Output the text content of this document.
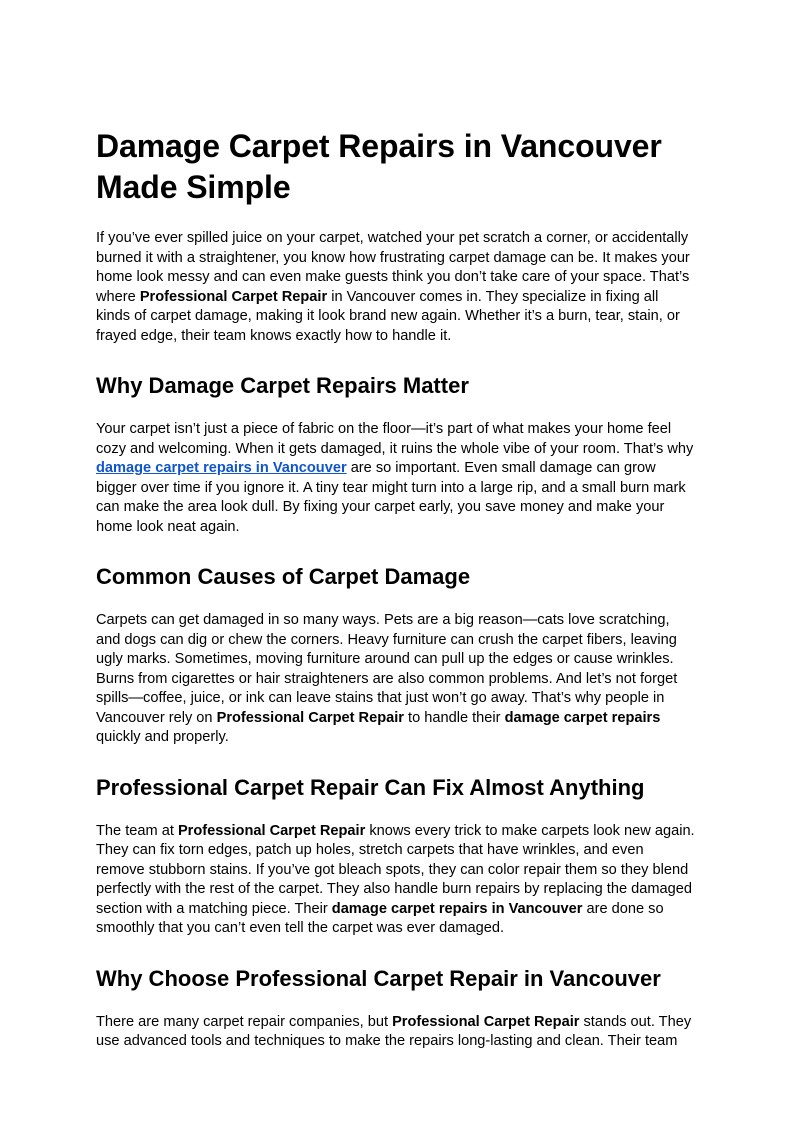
Damage Carpet Repairs in Vancouver
Made Simple

If you’ve ever spilled juice on your carpet, watched your pet scratch a corner, or accidentally
burned it with a straightener, you know how frustrating carpet damage can be. It makes your
home look messy and can even make guests think you don’t take care of your space. That’s
where Professional Carpet Repair in Vancouver comes in. They specialize in fixing all
kinds of carpet damage, making it look brand new again. Whether it’s a burn, tear, stain, or
frayed edge, their team knows exactly how to handle it.

Why Damage Carpet Repairs Matter

Your carpet isn’t just a piece of fabric on the floor—it’s part of what makes your home feel
cozy and welcoming. When it gets damaged, it ruins the whole vibe of your room. That’s why
damage carpet repairs in Vancouver are so important. Even small damage can grow
bigger over time if you ignore it. A tiny tear might turn into a large rip, and a small burn mark
can make the area look dull. By fixing your carpet early, you save money and make your
home look neat again.

Common Causes of Carpet Damage

Carpets can get damaged in so many ways. Pets are a big reason—cats love scratching,
and dogs can dig or chew the corners. Heavy furniture can crush the carpet fibers, leaving
ugly marks. Sometimes, moving furniture around can pull up the edges or cause wrinkles.
Burns from cigarettes or hair straighteners are also common problems. And let’s not forget
spills—coffee, juice, or ink can leave stains that just won’t go away. That’s why people in
Vancouver rely on Professional Carpet Repair to handle their damage carpet repairs
quickly and properly.

Professional Carpet Repair Can Fix Almost Anything

The team at Professional Carpet Repair knows every trick to make carpets look new again.
They can fix torn edges, patch up holes, stretch carpets that have wrinkles, and even
remove stubborn stains. If you’ve got bleach spots, they can color repair them so they blend
perfectly with the rest of the carpet. They also handle burn repairs by replacing the damaged
section with a matching piece. Their damage carpet repairs in Vancouver are done so
smoothly that you can’t even tell the carpet was ever damaged.

Why Choose Professional Carpet Repair in Vancouver

There are many carpet repair companies, but Professional Carpet Repair stands out. They
use advanced tools and techniques to make the repairs long-lasting and clean. Their team
